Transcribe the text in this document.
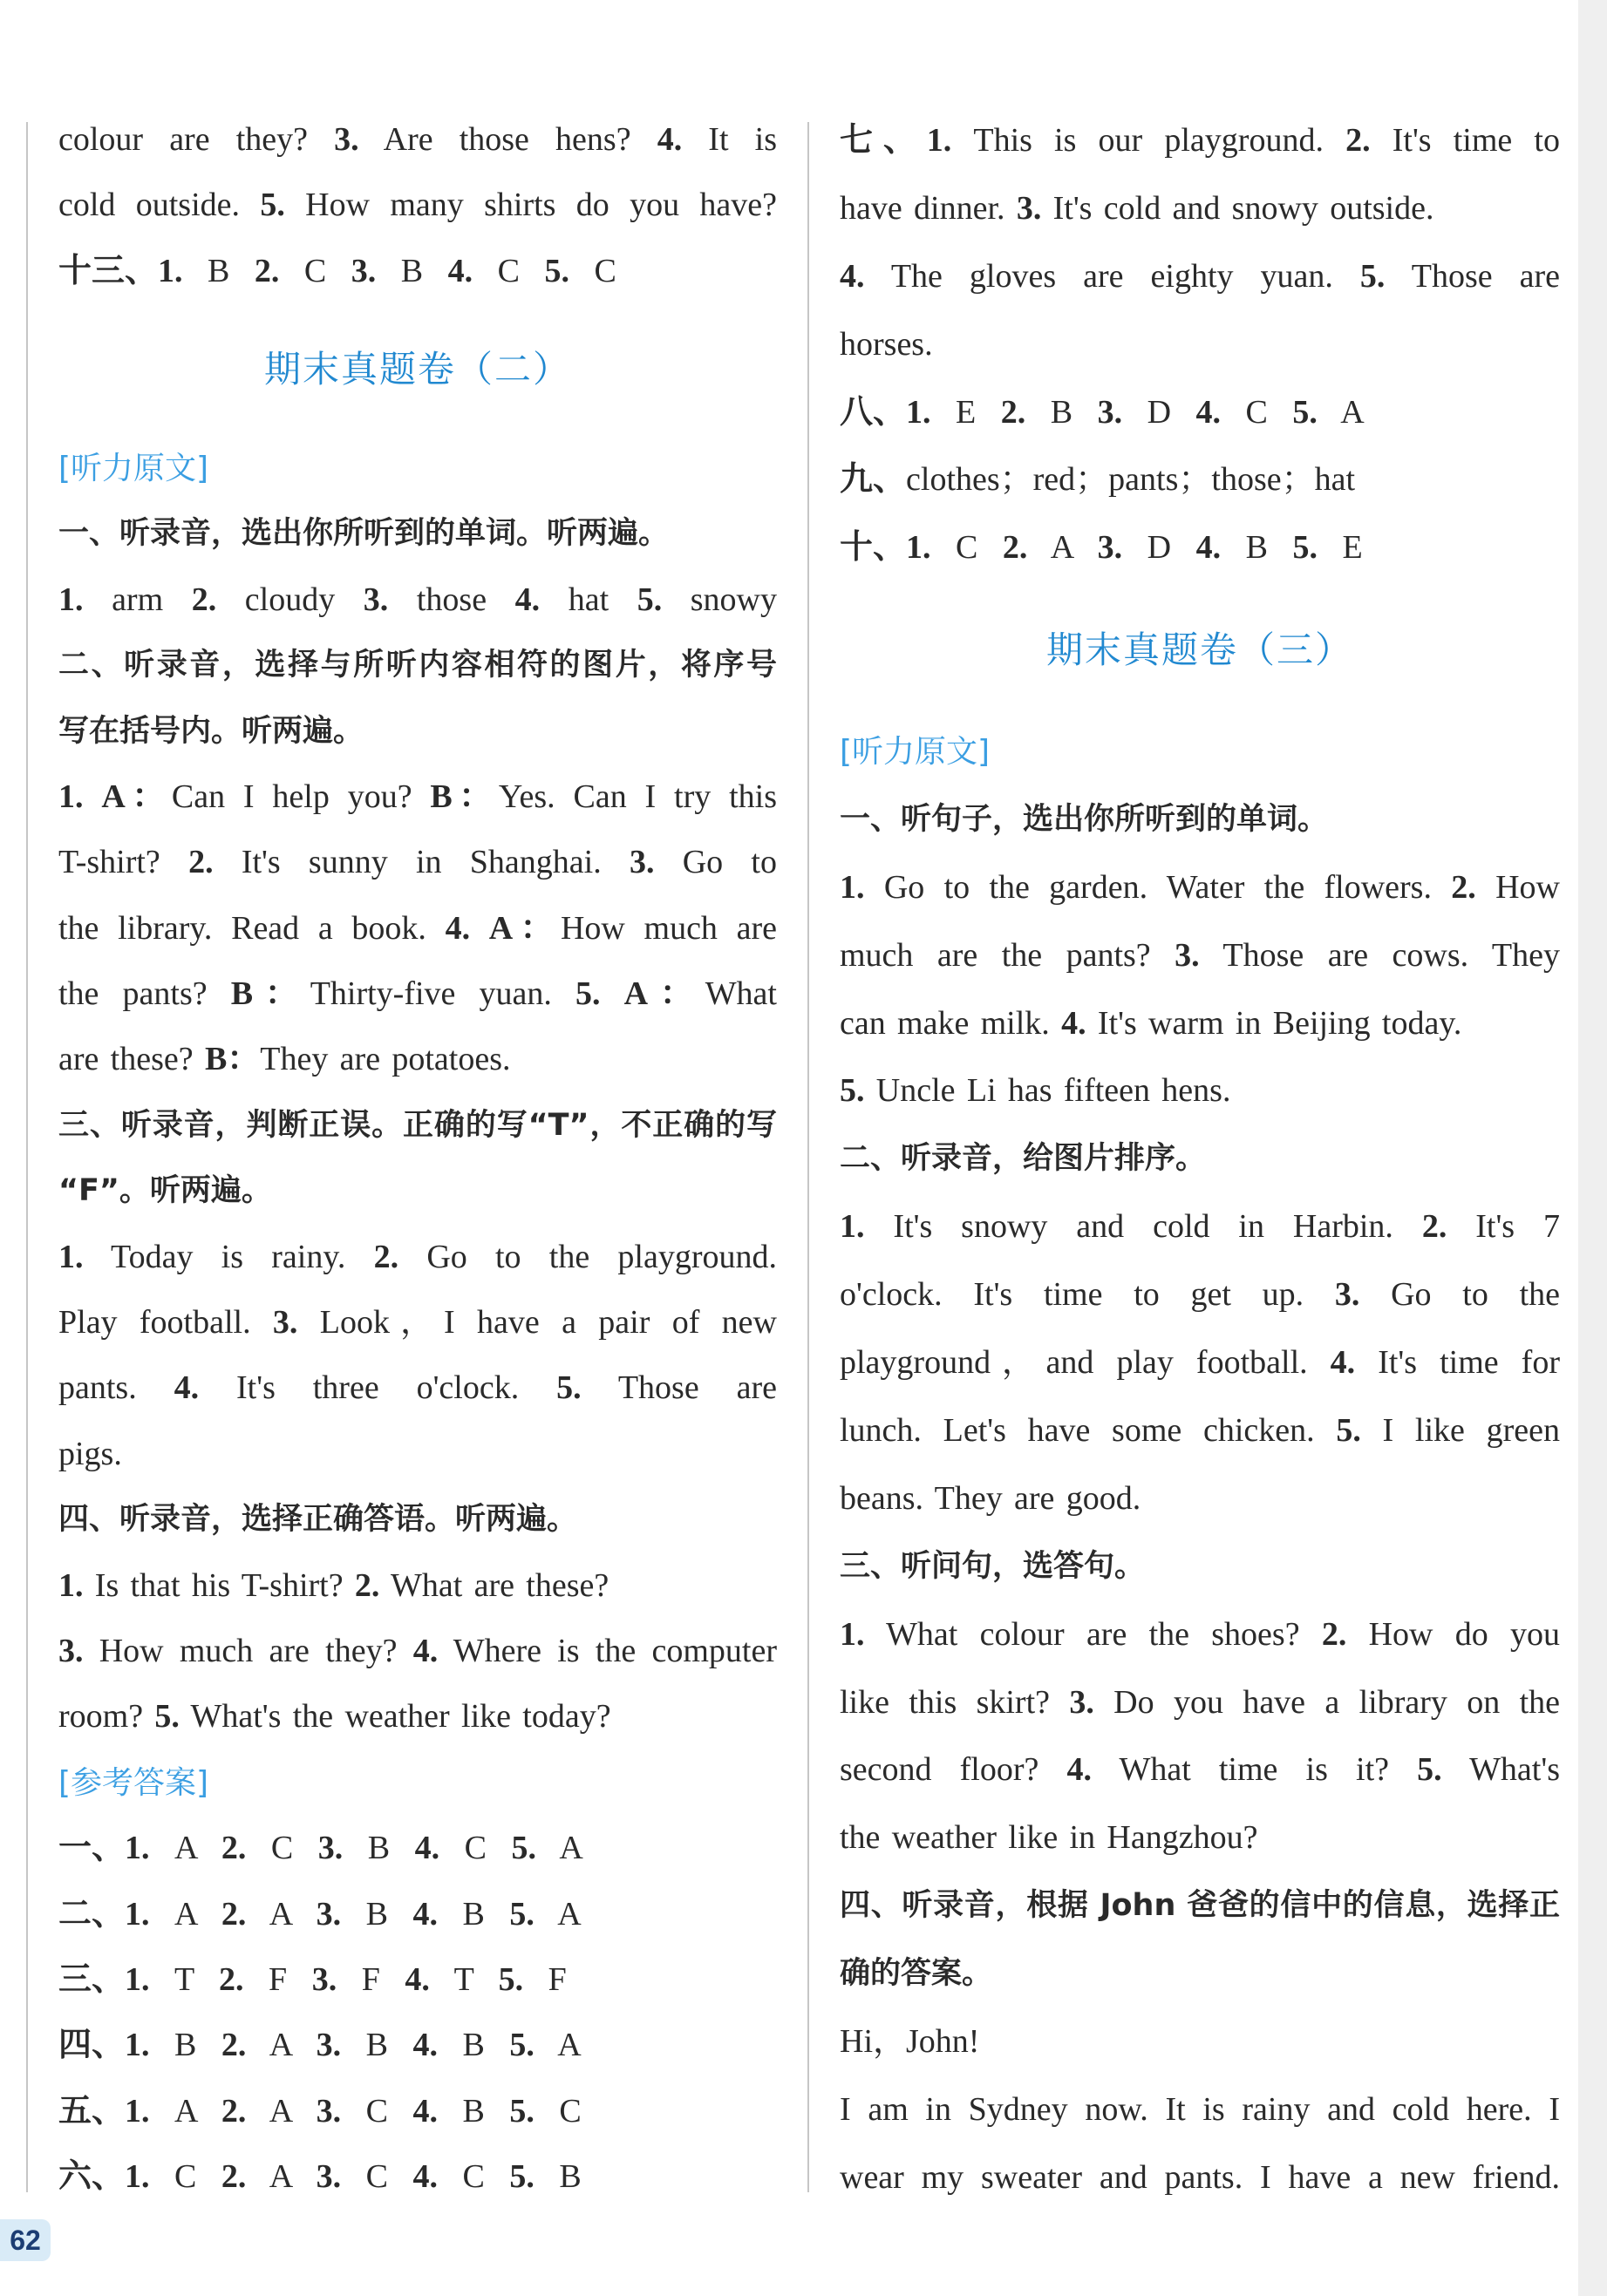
colour are they? 3. Are those hens? 4. It is
cold outside. 5. How many shirts do you have?
十三、1. B 2. C 3. B 4. C 5. C
期末真题卷（二）
[听力原文]
一、听录音，选出你所听到的单词。听两遍。
1. arm 2. cloudy 3. those 4. hat 5. snowy
二、听录音，选择与所听内容相符的图片，将序号
写在括号内。听两遍。
1. A：Can I help you? B：Yes. Can I try this
T-shirt? 2. It's sunny in Shanghai. 3. Go to
the library. Read a book. 4. A：How much are
the pants? B：Thirty-five yuan. 5. A：What
are these? B：They are potatoes.
三、听录音，判断正误。正确的写“T”，不正确的写
“F”。听两遍。
1. Today is rainy. 2. Go to the playground.
Play football. 3. Look，I have a pair of new
pants. 4. It's three o'clock. 5. Those are
pigs.
四、听录音，选择正确答语。听两遍。
1. Is that his T-shirt? 2. What are these?
3. How much are they? 4. Where is the computer
room? 5. What's the weather like today?
[参考答案]
一、1. A 2. C 3. B 4. C 5. A
二、1. A 2. A 3. B 4. B 5. A
三、1. T 2. F 3. F 4. T 5. F
四、1. B 2. A 3. B 4. B 5. A
五、1. A 2. A 3. C 4. B 5. C
六、1. C 2. A 3. C 4. C 5. B
七、1. This is our playground. 2. It's time to
have dinner. 3. It's cold and snowy outside.
4. The gloves are eighty yuan. 5. Those are
horses.
八、1. E 2. B 3. D 4. C 5. A
九、clothes；red；pants；those；hat
十、1. C 2. A 3. D 4. B 5. E
期末真题卷（三）
[听力原文]
一、听句子，选出你所听到的单词。
1. Go to the garden. Water the flowers. 2. How
much are the pants? 3. Those are cows. They
can make milk. 4. It's warm in Beijing today.
5. Uncle Li has fifteen hens.
二、听录音，给图片排序。
1. It's snowy and cold in Harbin. 2. It's 7
o'clock. It's time to get up. 3. Go to the
playground，and play football. 4. It's time for
lunch. Let's have some chicken. 5. I like green
beans. They are good.
三、听问句，选答句。
1. What colour are the shoes? 2. How do you
like this skirt? 3. Do you have a library on the
second floor? 4. What time is it? 5. What's
the weather like in Hangzhou?
四、听录音，根据 John 爸爸的信中的信息，选择正
确的答案。
Hi，John!
I am in Sydney now. It is rainy and cold here. I
wear my sweater and pants. I have a new friend.
62
